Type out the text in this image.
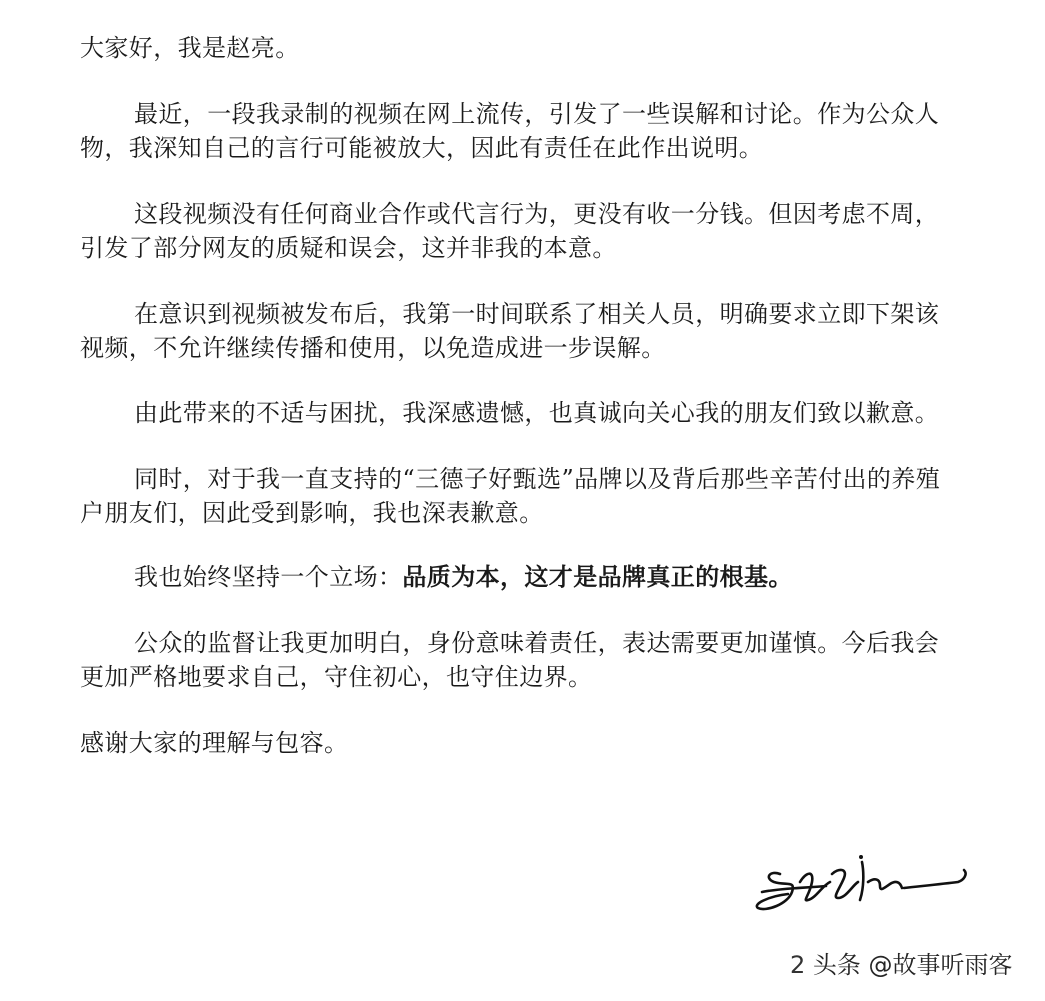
大家好，我是赵亮。
最近，一段我录制的视频在网上流传，引发了一些误解和讨论。作为公众人
物，我深知自己的言行可能被放大，因此有责任在此作出说明。
这段视频没有任何商业合作或代言行为，更没有收一分钱。但因考虑不周，
引发了部分网友的质疑和误会，这并非我的本意。
在意识到视频被发布后，我第一时间联系了相关人员，明确要求立即下架该
视频，不允许继续传播和使用，以免造成进一步误解。
由此带来的不适与困扰，我深感遗憾，也真诚向关心我的朋友们致以歉意。
同时，对于我一直支持的“三德子好甄选”品牌以及背后那些辛苦付出的养殖
户朋友们，因此受到影响，我也深表歉意。
我也始终坚持一个立场：品质为本，这才是品牌真正的根基。
公众的监督让我更加明白，身份意味着责任，表达需要更加谨慎。今后我会
更加严格地要求自己，守住初心，也守住边界。
感谢大家的理解与包容。
2 头条 @故事听雨客
